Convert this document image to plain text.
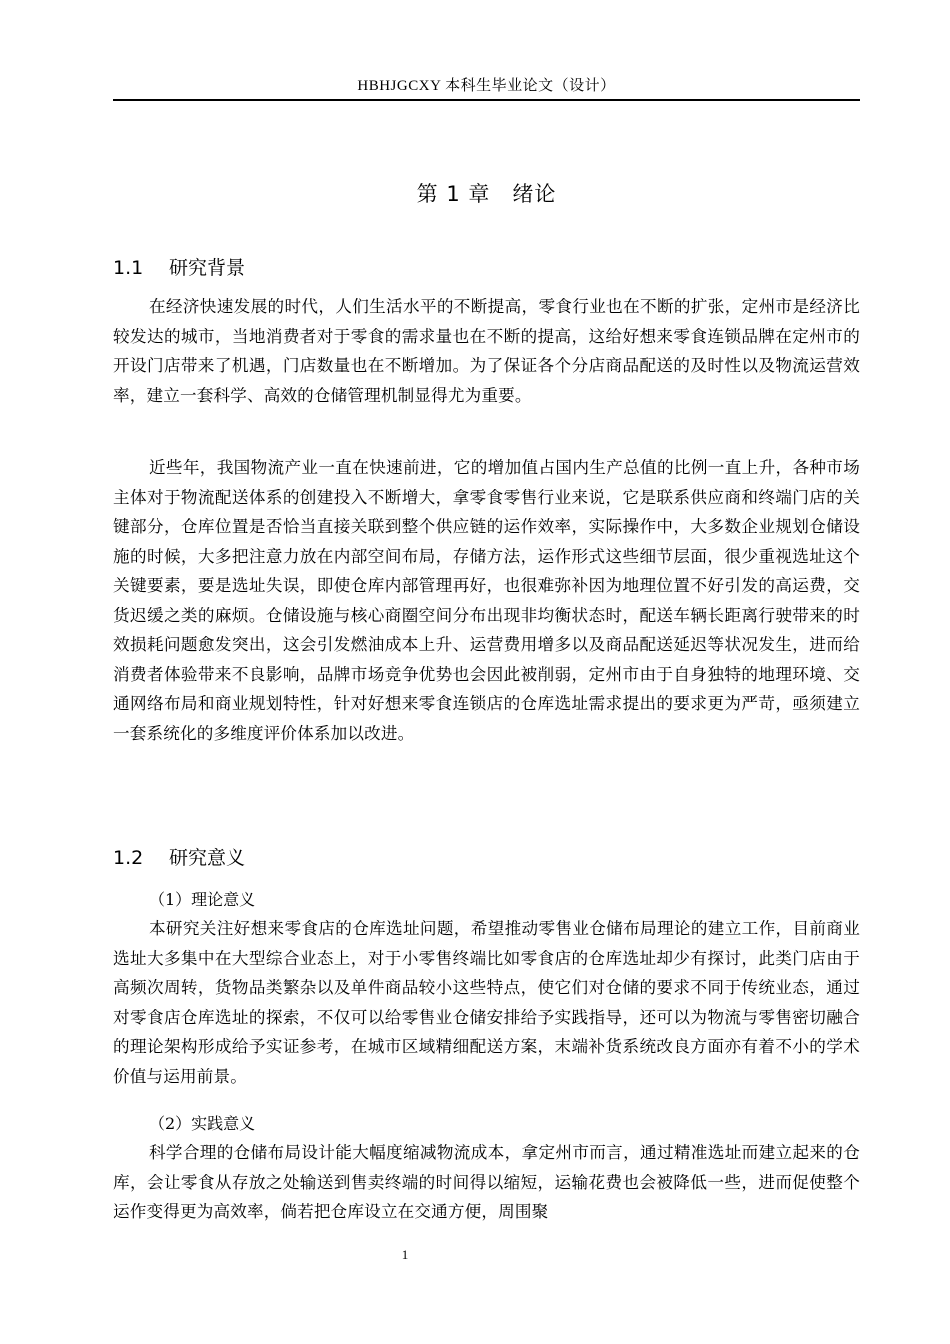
HBHJGCXY 本科生毕业论文（设计）
第 1 章　绪论
1.1 研究背景

在经济快速发展的时代，人们生活水平的不断提高，零食行业也在不断的扩张，定州市是经济比较发达的城市，当地消费者对于零食的需求量也在不断的提高，这给好想来零食连锁品牌在定州市的开设门店带来了机遇，门店数量也在不断增加。为了保证各个分店商品配送的及时性以及物流运营效率，建立一套科学、高效的仓储管理机制显得尤为重要。

近些年，我国物流产业一直在快速前进，它的增加值占国内生产总值的比例一直上升，各种市场主体对于物流配送体系的创建投入不断增大，拿零食零售行业来说，它是联系供应商和终端门店的关键部分，仓库位置是否恰当直接关联到整个供应链的运作效率，实际操作中，大多数企业规划仓储设施的时候，大多把注意力放在内部空间布局，存储方法，运作形式这些细节层面，很少重视选址这个关键要素，要是选址失误，即使仓库内部管理再好，也很难弥补因为地理位置不好引发的高运费，交货迟缓之类的麻烦。仓储设施与核心商圈空间分布出现非均衡状态时，配送车辆长距离行驶带来的时效损耗问题愈发突出，这会引发燃油成本上升、运营费用增多以及商品配送延迟等状况发生，进而给消费者体验带来不良影响，品牌市场竞争优势也会因此被削弱，定州市由于自身独特的地理环境、交通网络布局和商业规划特性，针对好想来零食连锁店的仓库选址需求提出的要求更为严苛，亟须建立一套系统化的多维度评价体系加以改进。

1.2 研究意义
（1）理论意义

本研究关注好想来零食店的仓库选址问题，希望推动零售业仓储布局理论的建立工作，目前商业选址大多集中在大型综合业态上，对于小零售终端比如零食店的仓库选址却少有探讨，此类门店由于高频次周转，货物品类繁杂以及单件商品较小这些特点，使它们对仓储的要求不同于传统业态，通过对零食店仓库选址的探索，不仅可以给零售业仓储安排给予实践指导，还可以为物流与零售密切融合的理论架构形成给予实证参考，在城市区域精细配送方案，末端补货系统改良方面亦有着不小的学术价值与运用前景。

（2）实践意义

科学合理的仓储布局设计能大幅度缩减物流成本，拿定州市而言，通过精准选址而建立起来的仓库，会让零食从存放之处输送到售卖终端的时间得以缩短，运输花费也会被降低一些，进而促使整个运作变得更为高效率，倘若把仓库设立在交通方便，周围聚

1
